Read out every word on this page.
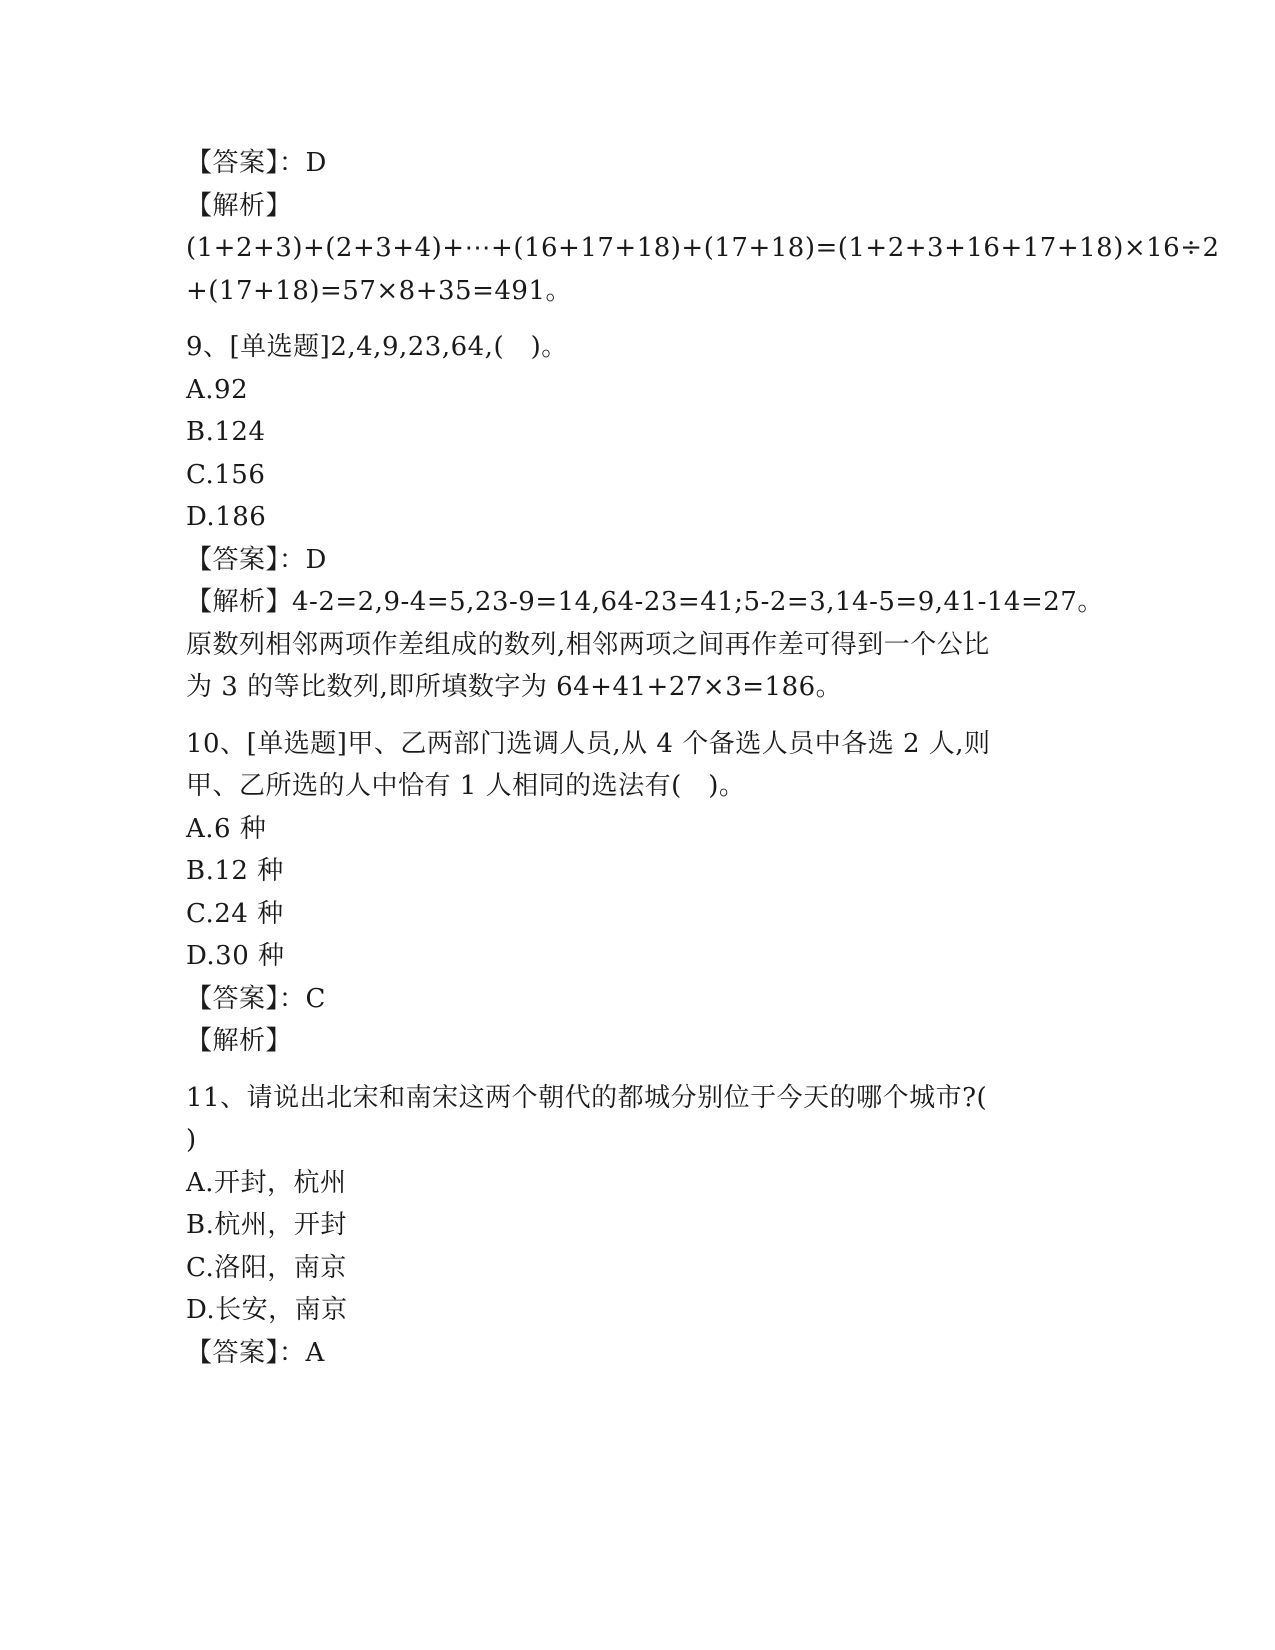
【答案】：D
【解析】
(1+2+3)+(2+3+4)+⋯+(16+17+18)+(17+18)=(1+2+3+16+17+18)×16÷2
+(17+18)=57×8+35=491。
9、[单选题]2,4,9,23,64,(　)。
A.92
B.124
C.156
D.186
【答案】：D
【解析】4-2=2,9-4=5,23-9=14,64-23=41;5-2=3,14-5=9,41-14=27。
原数列相邻两项作差组成的数列,相邻两项之间再作差可得到一个公比
为 3 的等比数列,即所填数字为 64+41+27×3=186。
10、[单选题]甲、乙两部门选调人员,从 4 个备选人员中各选 2 人,则
甲、乙所选的人中恰有 1 人相同的选法有(　)。
A.6 种
B.12 种
C.24 种
D.30 种
【答案】：C
【解析】
11、请说出北宋和南宋这两个朝代的都城分别位于今天的哪个城市?(
)
A.开封，杭州
B.杭州，开封
C.洛阳，南京
D.长安，南京
【答案】：A
